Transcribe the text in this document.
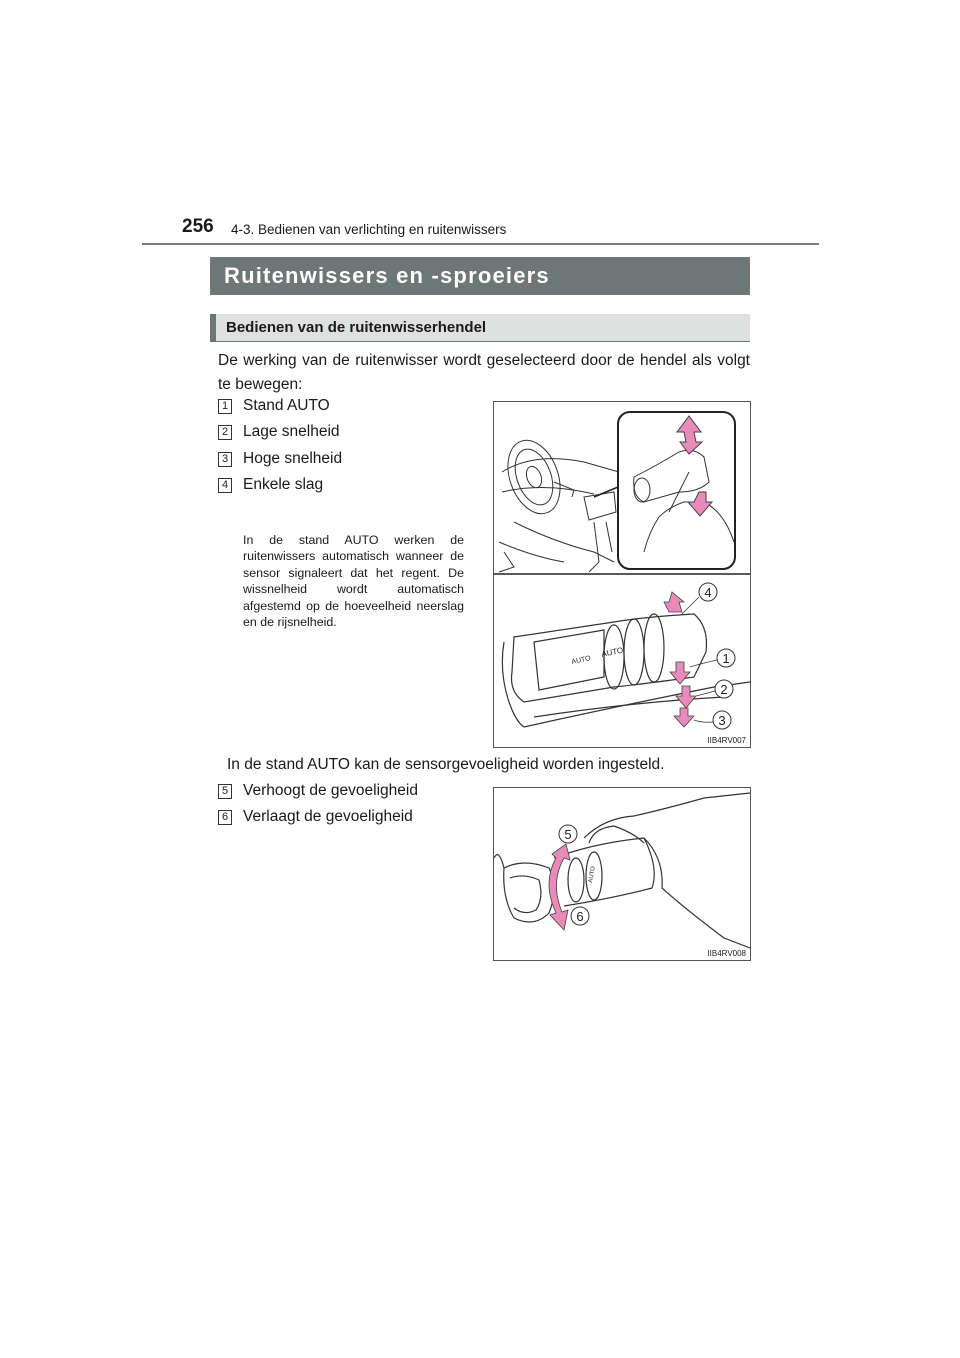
256 4-3. Bedienen van verlichting en ruitenwissers
Ruitenwissers en -sproeiers
Bedienen van de ruitenwisserhendel
De werking van de ruitenwisser wordt geselecteerd door de hendel als volgt te bewegen:
1 Stand AUTO
2 Lage snelheid
3 Hoge snelheid
4 Enkele slag
In de stand AUTO werken de ruitenwissers automatisch wanneer de sensor signaleert dat het regent. De wissnelheid wordt automatisch afgestemd op de hoeveelheid neerslag en de rijsnelheid.
AUTO
AUTO
4
1
2
3
IIB4RV007
In de stand AUTO kan de sensorgevoeligheid worden ingesteld.
5 Verhoogt de gevoeligheid
6 Verlaagt de gevoeligheid
AUTO
5
6
IIB4RV008
